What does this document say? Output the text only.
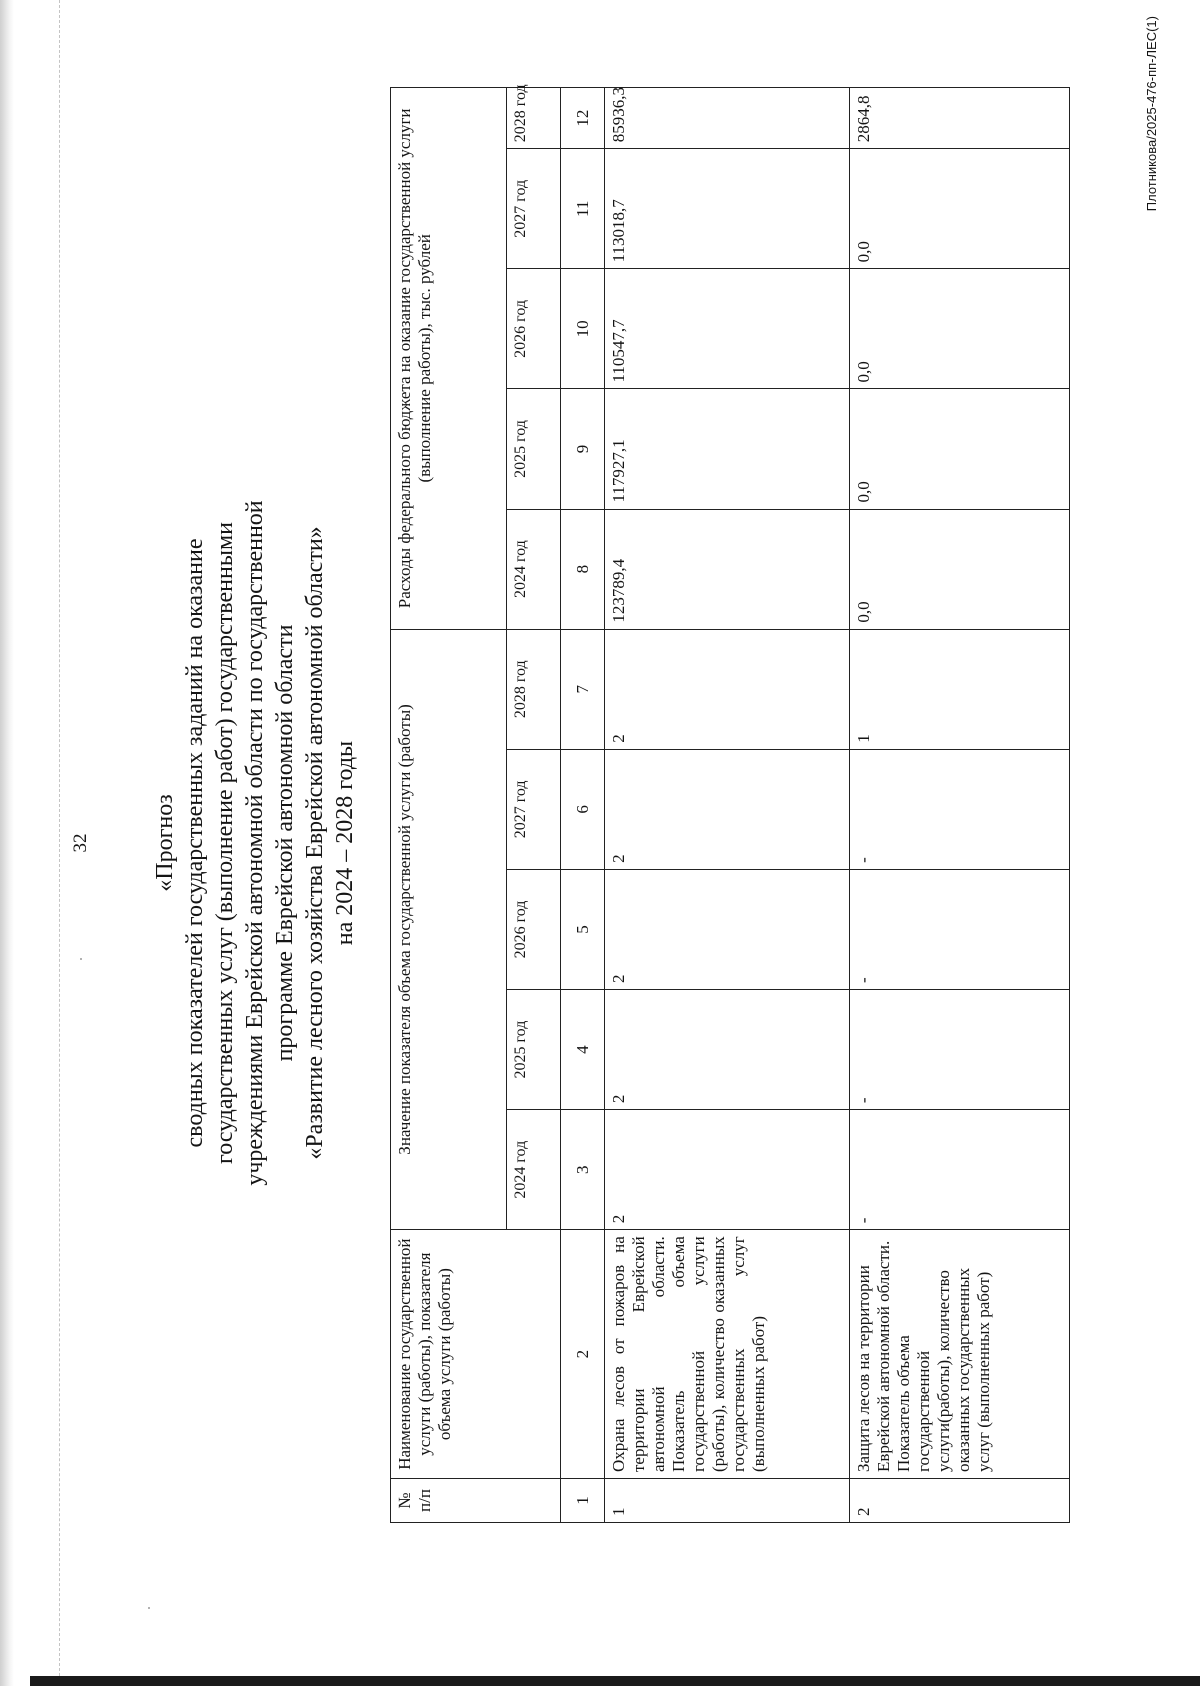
32	«Прогноз сводных показателей государственных заданий на оказание государственных услуг (выполнение работ) государственными учреждениями Еврейской автономной области по государственной программе Еврейской автономной области «Развитие лесного хозяйства Еврейской автономной области» на 2024 – 2028 годы
№ п/п	Наименование государственной услуги (работы), показателя объема услуги (работы)	Значение показателя объема государственной услуги (работы)					Расходы федерального бюджета на оказание государственной услуги (выполнение работы), тыс. рублей				
		2024 год	2025 год	2026 год	2027 год	2028 год	2024 год	2025 год	2026 год	2027 год	2028 год
1	2	3	4	5	6	7	8	9	10	11	12
1	Охрана лесов от пожаров на территории Еврейской автономной области. Показатель объема государственной услуги (работы), количество оказанных государственных услуг (выполненных работ)	2	2	2	2	2	123789,4	117927,1	110547,7	113018,7	85936,3
2	Защита лесов на территории Еврейской автономной области. Показатель объема государственной услуги(работы), количество оказанных государственных услуг (выполненных работ)	-	-	-	-	1	0,0	0,0	0,0	0,0	2864,8	Плотникова/2025-476-пп-ЛЕС(1)
